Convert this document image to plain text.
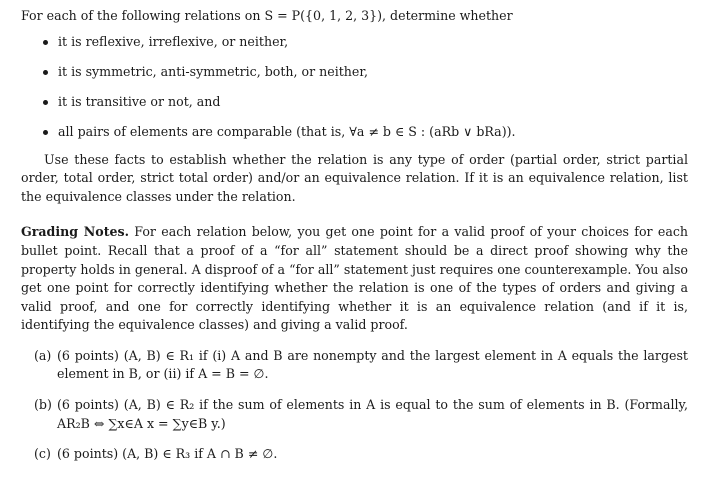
For each of the following relations on S = P({0, 1, 2, 3}), determine whether

it is reflexive, irreflexive, or neither,
it is symmetric, anti-symmetric, both, or neither,
it is transitive or not, and
all pairs of elements are comparable (that is, ∀a ≠ b ∈ S : (aRb ∨ bRa)).

Use these facts to establish whether the relation is any type of order (partial order, strict partial order, total order, strict total order) and/or an equivalence relation. If it is an equivalence relation, list the equivalence classes under the relation.

Grading Notes. For each relation below, you get one point for a valid proof of your choices for each bullet point. Recall that a proof of a “for all” statement should be a direct proof showing why the property holds in general. A disproof of a “for all” statement just requires one counterexample. You also get one point for correctly identifying whether the relation is one of the types of orders and giving a valid proof, and one for correctly identifying whether it is an equivalence relation (and if it is, identifying the equivalence classes) and giving a valid proof.

(a) (6 points) (A, B) ∈ R₁ if (i) A and B are nonempty and the largest element in A equals the largest element in B, or (ii) if A = B = ∅.
(b) (6 points) (A, B) ∈ R₂ if the sum of elements in A is equal to the sum of elements in B. (Formally, AR₂B ⇔ ∑x∈A x = ∑y∈B y.)
(c) (6 points) (A, B) ∈ R₃ if A ∩ B ≠ ∅.
